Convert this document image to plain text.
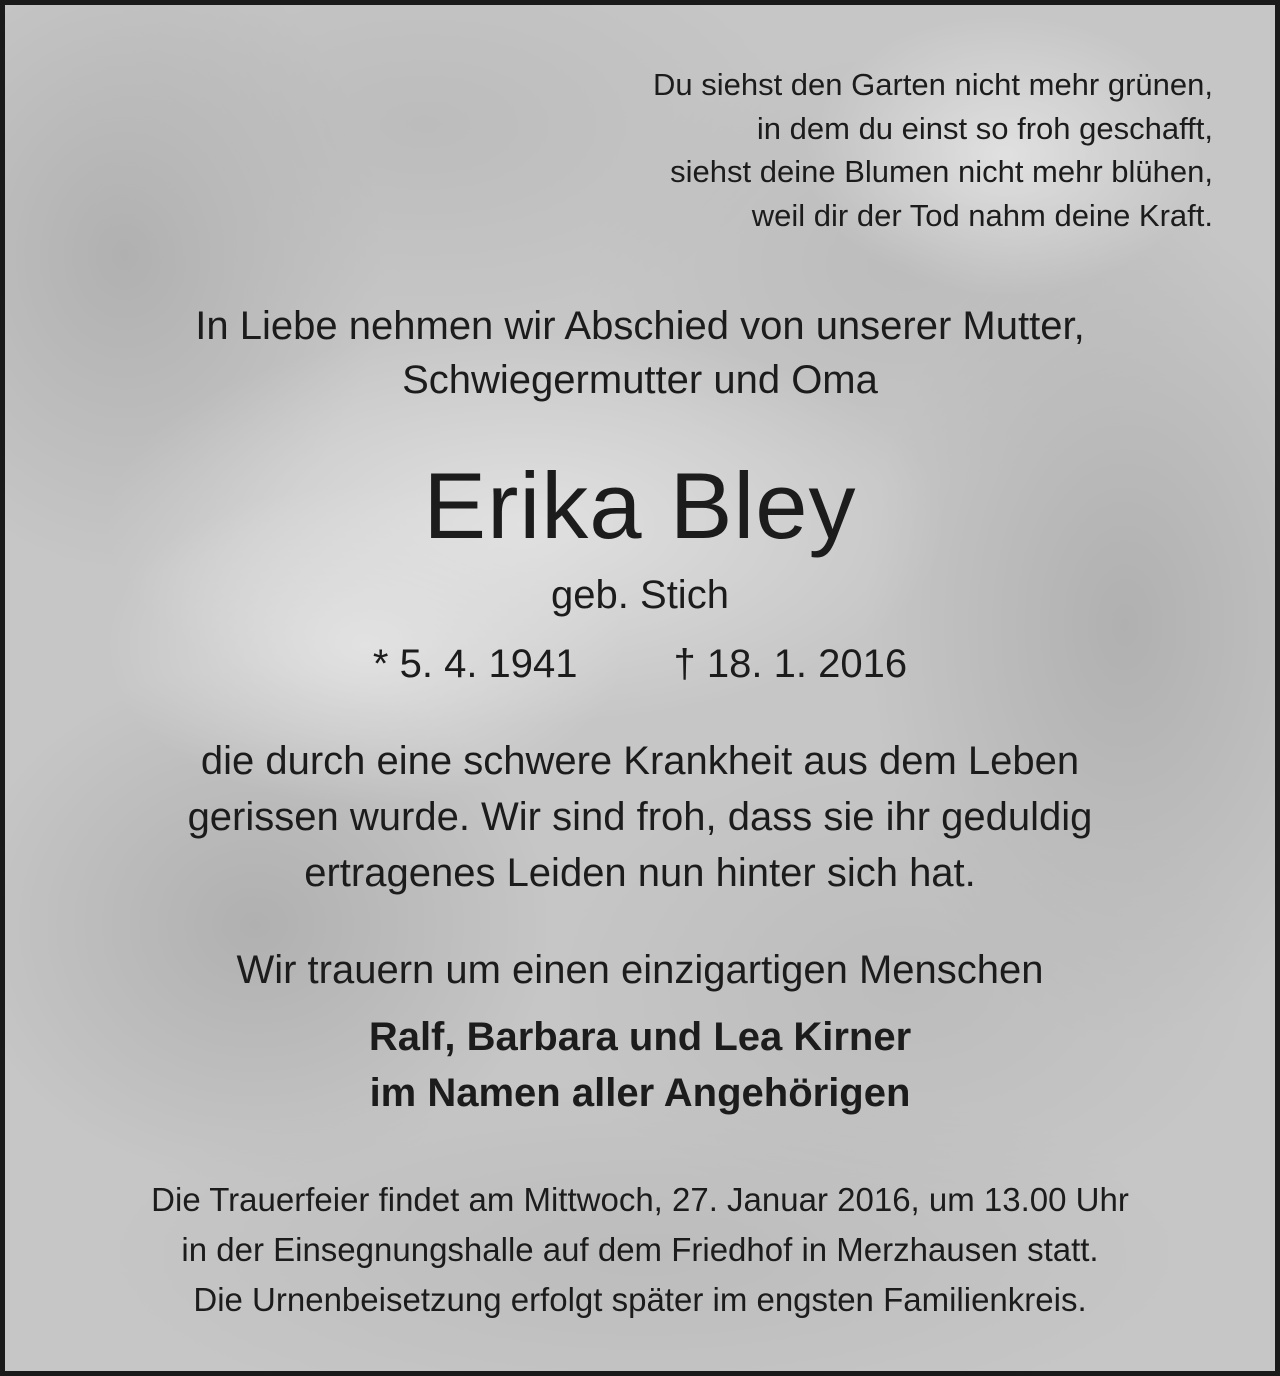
Du siehst den Garten nicht mehr grünen,
in dem du einst so froh geschafft,
siehst deine Blumen nicht mehr blühen,
weil dir der Tod nahm deine Kraft.
In Liebe nehmen wir Abschied von unserer Mutter,
Schwiegermutter und Oma
Erika Bley
geb. Stich
* 5. 4. 1941 † 18. 1. 2016
die durch eine schwere Krankheit aus dem Leben
gerissen wurde. Wir sind froh, dass sie ihr geduldig
ertragenes Leiden nun hinter sich hat.
Wir trauern um einen einzigartigen Menschen
Ralf, Barbara und Lea Kirner
im Namen aller Angehörigen
Die Trauerfeier findet am Mittwoch, 27. Januar 2016, um 13.00 Uhr
in der Einsegnungshalle auf dem Friedhof in Merzhausen statt.
Die Urnenbeisetzung erfolgt später im engsten Familienkreis.
